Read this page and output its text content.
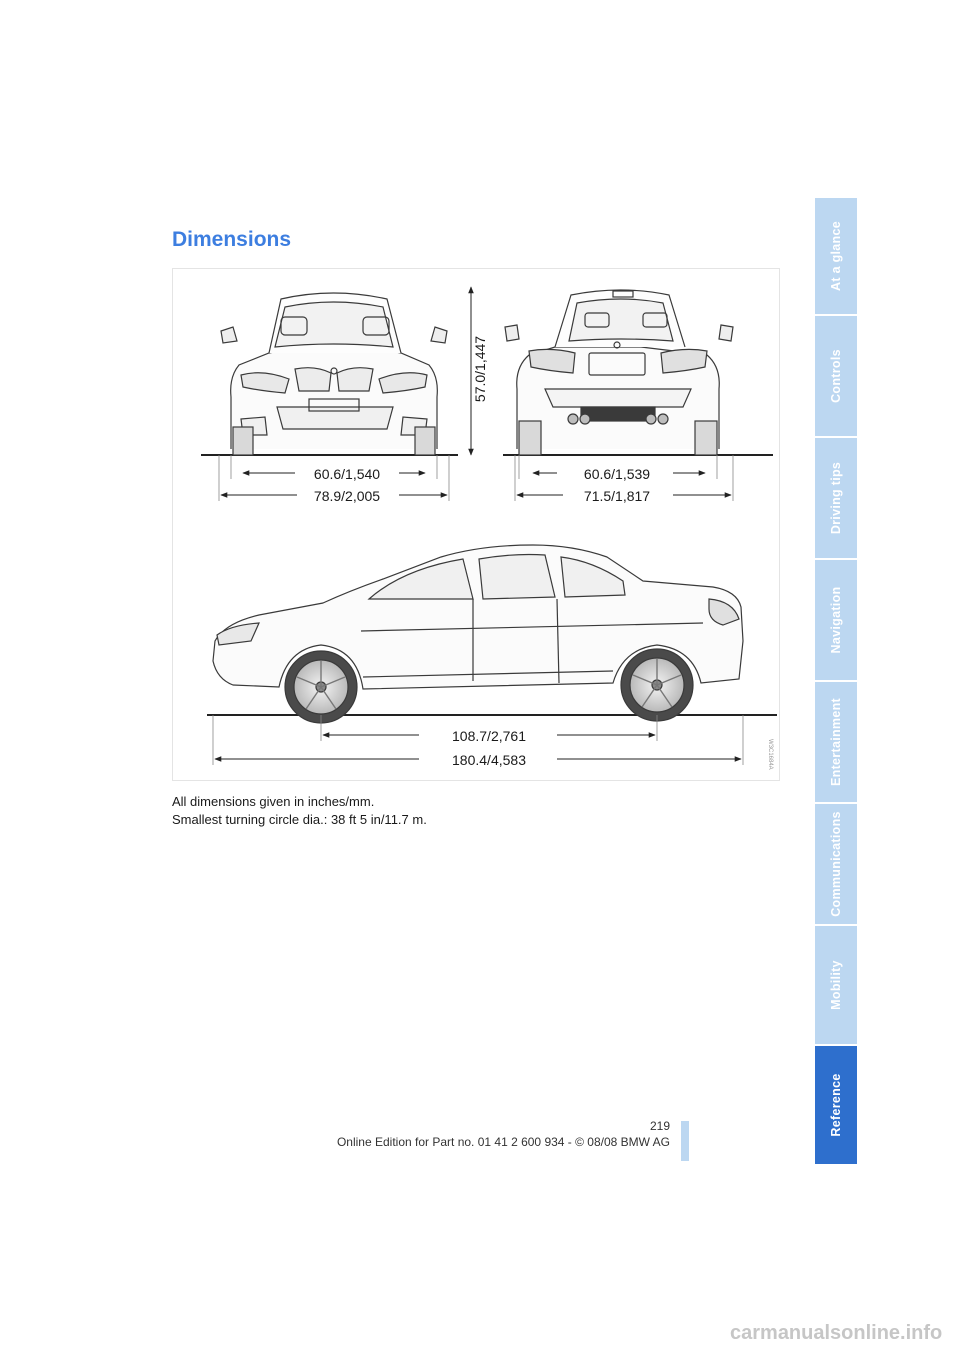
Dimensions
60.6/1,540
78.9/2,005
57.0/1,447
60.6/1,539
71.5/1,817
108.7/2,761
180.4/4,583	W3C1684A
All dimensions given in inches/mm.
Smallest turning circle dia.: 38 ft 5 in/11.7 m.
At a glance
Controls
Driving tips
Navigation
Entertainment
Communications
Mobility
Reference
219
Online Edition for Part no. 01 41 2 600 934 - © 08/08 BMW AG
carmanualsonline.info
